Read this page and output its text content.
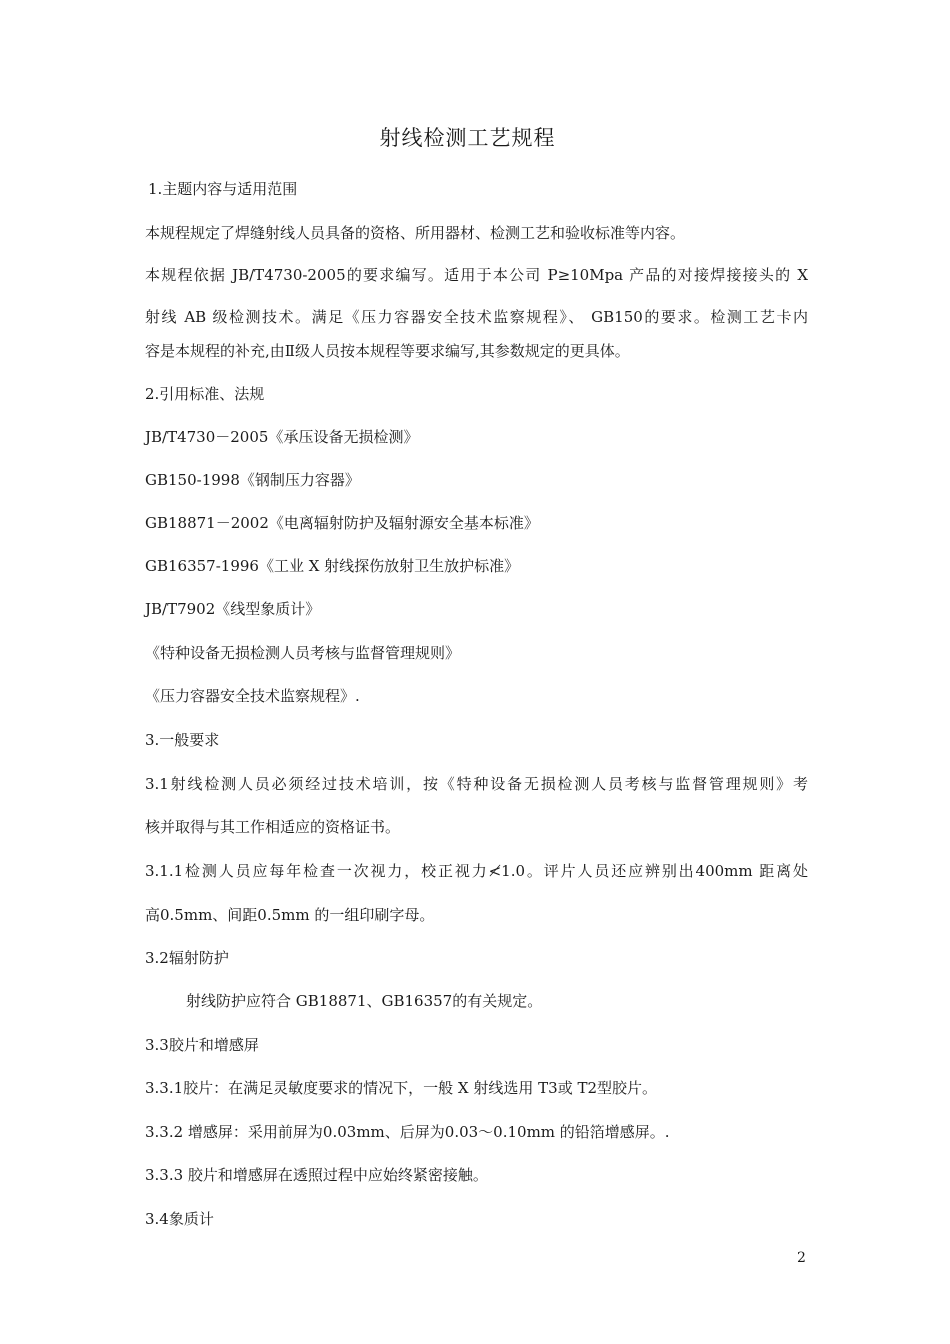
射线检测工艺规程
1.主题内容与适用范围
本规程规定了焊缝射线人员具备的资格、所用器材、检测工艺和验收标准等内容。
本规程依据 JB/T4730-2005的要求编写。适用于本公司 P≥10Mpa 产品的对接焊接接头的 X
射线 AB 级检测技术。满足《压力容器安全技术监察规程》、 GB150的要求。检测工艺卡内
容是本规程的补充,由Ⅱ级人员按本规程等要求编写,其参数规定的更具体。
2.引用标准、法规
JB/T4730－2005《承压设备无损检测》
GB150-1998《钢制压力容器》
GB18871－2002《电离辐射防护及辐射源安全基本标准》
GB16357-1996《工业 X 射线探伤放射卫生放护标准》
JB/T7902《线型象质计》
《特种设备无损检测人员考核与监督管理规则》
《压力容器安全技术监察规程》.
3.一般要求
3.1射线检测人员必须经过技术培训，按《特种设备无损检测人员考核与监督管理规则》考
核并取得与其工作相适应的资格证书。
3.1.1检测人员应每年检查一次视力，校正视力≮1.0。评片人员还应辨别出400mm 距离处
高0.5mm、间距0.5mm 的一组印刷字母。
3.2辐射防护
射线防护应符合 GB18871、GB16357的有关规定。
3.3胶片和增感屏
3.3.1胶片：在满足灵敏度要求的情况下，一般 X 射线选用 T3或 T2型胶片。
3.3.2 增感屏：采用前屏为0.03mm、后屏为0.03～0.10mm 的铅箔增感屏。.
3.3.3 胶片和增感屏在透照过程中应始终紧密接触。
3.4象质计
2
